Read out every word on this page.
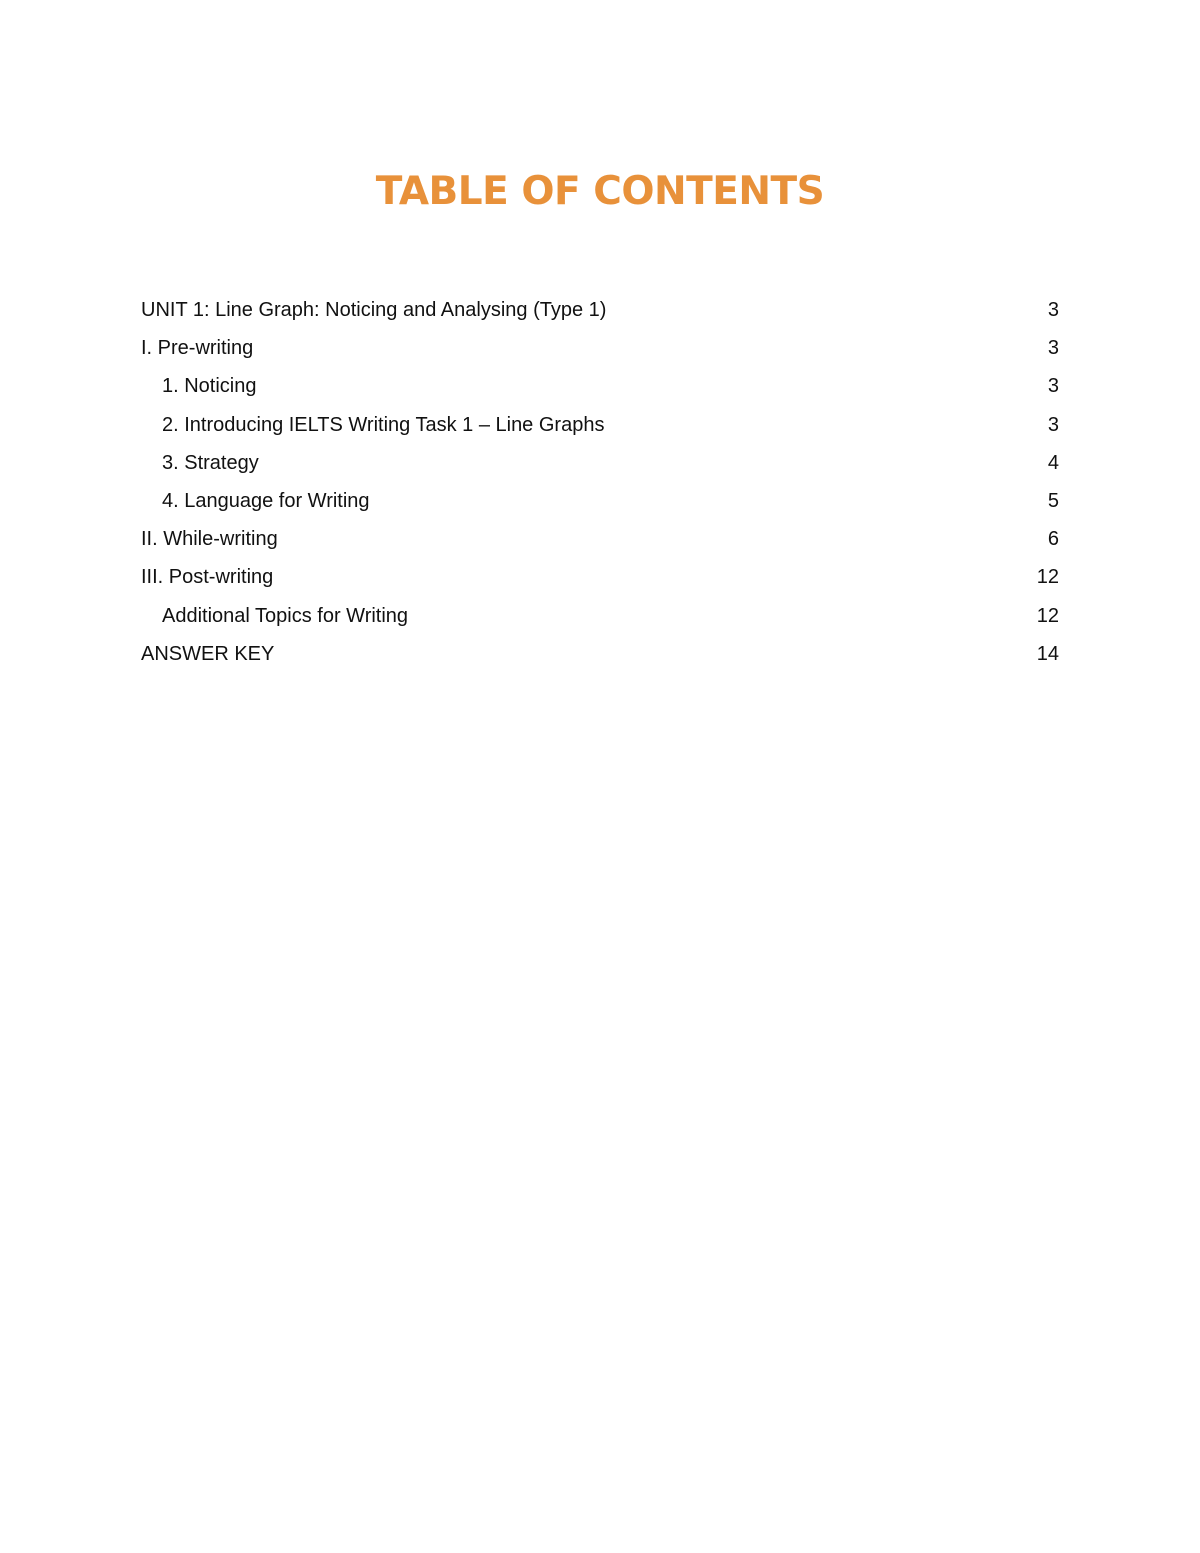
TABLE OF CONTENTS
UNIT 1: Line Graph: Noticing and Analysing (Type 1)	3
I. Pre-writing	3
1. Noticing	3
2. Introducing IELTS Writing Task 1 – Line Graphs	3
3. Strategy	4
4. Language for Writing	5
II. While-writing	6
III. Post-writing	12
Additional Topics for Writing	12
ANSWER KEY	14
